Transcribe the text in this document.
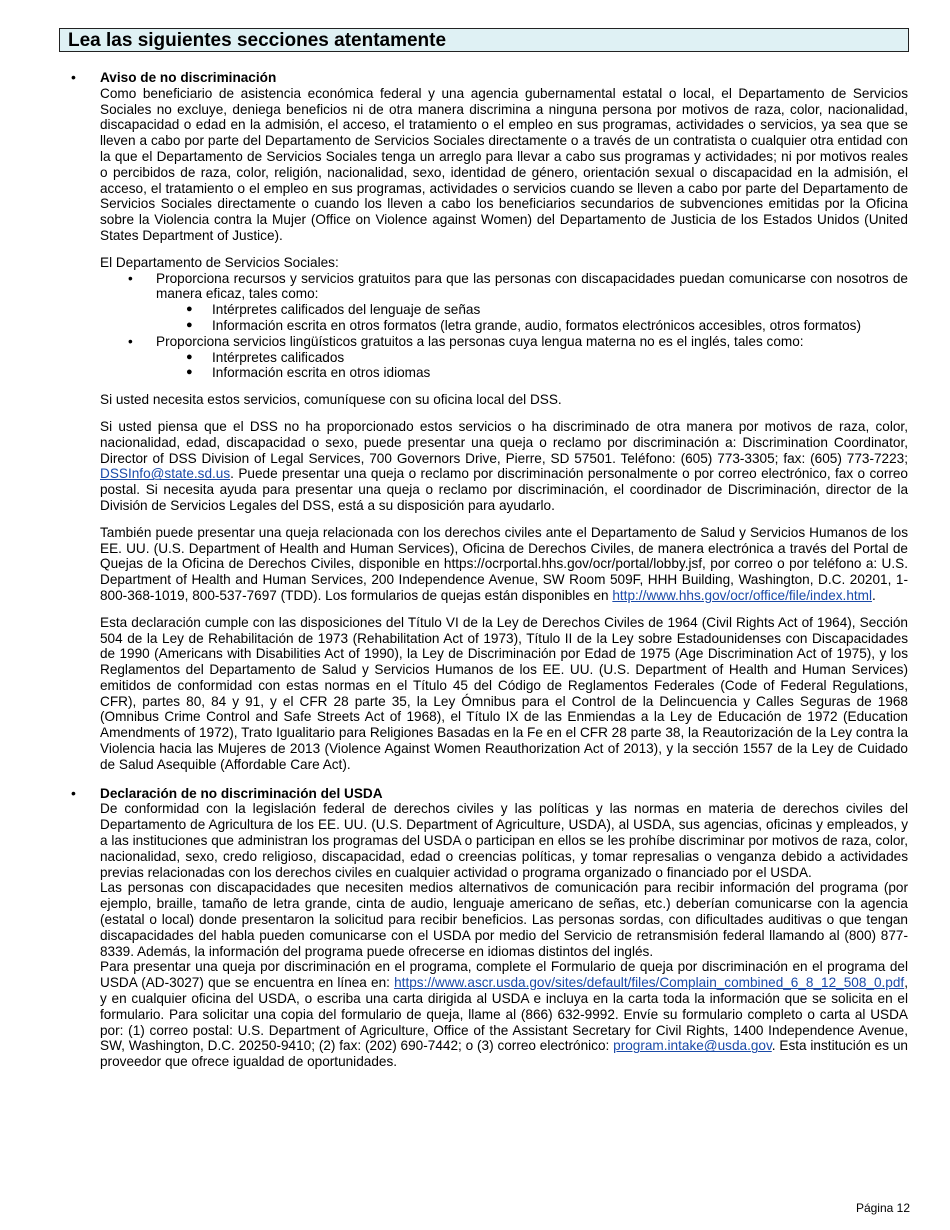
Lea las siguientes secciones atentamente
• Aviso de no discriminación

Como beneficiario de asistencia económica federal y una agencia gubernamental estatal o local, el Departamento de Servicios Sociales no excluye, deniega beneficios ni de otra manera discrimina a ninguna persona por motivos de raza, color, nacionalidad, discapacidad o edad en la admisión, el acceso, el tratamiento o el empleo en sus programas, actividades o servicios, ya sea que se lleven a cabo por parte del Departamento de Servicios Sociales directamente o a través de un contratista o cualquier otra entidad con la que el Departamento de Servicios Sociales tenga un arreglo para llevar a cabo sus programas y actividades; ni por motivos reales o percibidos de raza, color, religión, nacionalidad, sexo, identidad de género, orientación sexual o discapacidad en la admisión, el acceso, el tratamiento o el empleo en sus programas, actividades o servicios cuando se lleven a cabo por parte del Departamento de Servicios Sociales directamente o cuando los lleven a cabo los beneficiarios secundarios de subvenciones emitidas por la Oficina sobre la Violencia contra la Mujer (Office on Violence against Women) del Departamento de Justicia de los Estados Unidos (United States Department of Justice).

El Departamento de Servicios Sociales:

• Proporciona recursos y servicios gratuitos para que las personas con discapacidades puedan comunicarse con nosotros de manera eficaz, tales como:
● Intérpretes calificados del lenguaje de señas
● Información escrita en otros formatos (letra grande, audio, formatos electrónicos accesibles, otros formatos)
• Proporciona servicios lingüísticos gratuitos a las personas cuya lengua materna no es el inglés, tales como:
● Intérpretes calificados
● Información escrita en otros idiomas

Si usted necesita estos servicios, comuníquese con su oficina local del DSS.

Si usted piensa que el DSS no ha proporcionado estos servicios o ha discriminado de otra manera por motivos de raza, color, nacionalidad, edad, discapacidad o sexo, puede presentar una queja o reclamo por discriminación a: Discrimination Coordinator, Director of DSS Division of Legal Services, 700 Governors Drive, Pierre, SD 57501. Teléfono: (605) 773-3305; fax: (605) 773-7223; DSSInfo@state.sd.us. Puede presentar una queja o reclamo por discriminación personalmente o por correo electrónico, fax o correo postal. Si necesita ayuda para presentar una queja o reclamo por discriminación, el coordinador de Discriminación, director de la División de Servicios Legales del DSS, está a su disposición para ayudarlo.

También puede presentar una queja relacionada con los derechos civiles ante el Departamento de Salud y Servicios Humanos de los EE. UU. (U.S. Department of Health and Human Services), Oficina de Derechos Civiles, de manera electrónica a través del Portal de Quejas de la Oficina de Derechos Civiles, disponible en https://ocrportal.hhs.gov/ocr/portal/lobby.jsf, por correo o por teléfono a: U.S. Department of Health and Human Services, 200 Independence Avenue, SW Room 509F, HHH Building, Washington, D.C. 20201, 1-800-368-1019, 800-537-7697 (TDD). Los formularios de quejas están disponibles en http://www.hhs.gov/ocr/office/file/index.html.

Esta declaración cumple con las disposiciones del Título VI de la Ley de Derechos Civiles de 1964 (Civil Rights Act of 1964), Sección 504 de la Ley de Rehabilitación de 1973 (Rehabilitation Act of 1973), Título II de la Ley sobre Estadounidenses con Discapacidades de 1990 (Americans with Disabilities Act of 1990), la Ley de Discriminación por Edad de 1975 (Age Discrimination Act of 1975), y los Reglamentos del Departamento de Salud y Servicios Humanos de los EE. UU. (U.S. Department of Health and Human Services) emitidos de conformidad con estas normas en el Título 45 del Código de Reglamentos Federales (Code of Federal Regulations, CFR), partes 80, 84 y 91, y el CFR 28 parte 35, la Ley Ómnibus para el Control de la Delincuencia y Calles Seguras de 1968 (Omnibus Crime Control and Safe Streets Act of 1968), el Título IX de las Enmiendas a la Ley de Educación de 1972 (Education Amendments of 1972), Trato Igualitario para Religiones Basadas en la Fe en el CFR 28 parte 38, la Reautorización de la Ley contra la Violencia hacia las Mujeres de 2013 (Violence Against Women Reauthorization Act of 2013), y la sección 1557 de la Ley de Cuidado de Salud Asequible (Affordable Care Act).

• Declaración de no discriminación del USDA

De conformidad con la legislación federal de derechos civiles y las políticas y las normas en materia de derechos civiles del Departamento de Agricultura de los EE. UU. (U.S. Department of Agriculture, USDA), al USDA, sus agencias, oficinas y empleados, y a las instituciones que administran los programas del USDA o participan en ellos se les prohíbe discriminar por motivos de raza, color, nacionalidad, sexo, credo religioso, discapacidad, edad o creencias políticas, y tomar represalias o venganza debido a actividades previas relacionadas con los derechos civiles en cualquier actividad o programa organizado o financiado por el USDA.

Las personas con discapacidades que necesiten medios alternativos de comunicación para recibir información del programa (por ejemplo, braille, tamaño de letra grande, cinta de audio, lenguaje americano de señas, etc.) deberían comunicarse con la agencia (estatal o local) donde presentaron la solicitud para recibir beneficios. Las personas sordas, con dificultades auditivas o que tengan discapacidades del habla pueden comunicarse con el USDA por medio del Servicio de retransmisión federal llamando al (800) 877-8339. Además, la información del programa puede ofrecerse en idiomas distintos del inglés.

Para presentar una queja por discriminación en el programa, complete el Formulario de queja por discriminación en el programa del USDA (AD-3027) que se encuentra en línea en: https://www.ascr.usda.gov/sites/default/files/Complain_combined_6_8_12_508_0.pdf, y en cualquier oficina del USDA, o escriba una carta dirigida al USDA e incluya en la carta toda la información que se solicita en el formulario. Para solicitar una copia del formulario de queja, llame al (866) 632-9992. Envíe su formulario completo o carta al USDA por: (1) correo postal: U.S. Department of Agriculture, Office of the Assistant Secretary for Civil Rights, 1400 Independence Avenue, SW, Washington, D.C. 20250-9410; (2) fax: (202) 690-7442; o (3) correo electrónico: program.intake@usda.gov. Esta institución es un proveedor que ofrece igualdad de oportunidades.

Página 12
